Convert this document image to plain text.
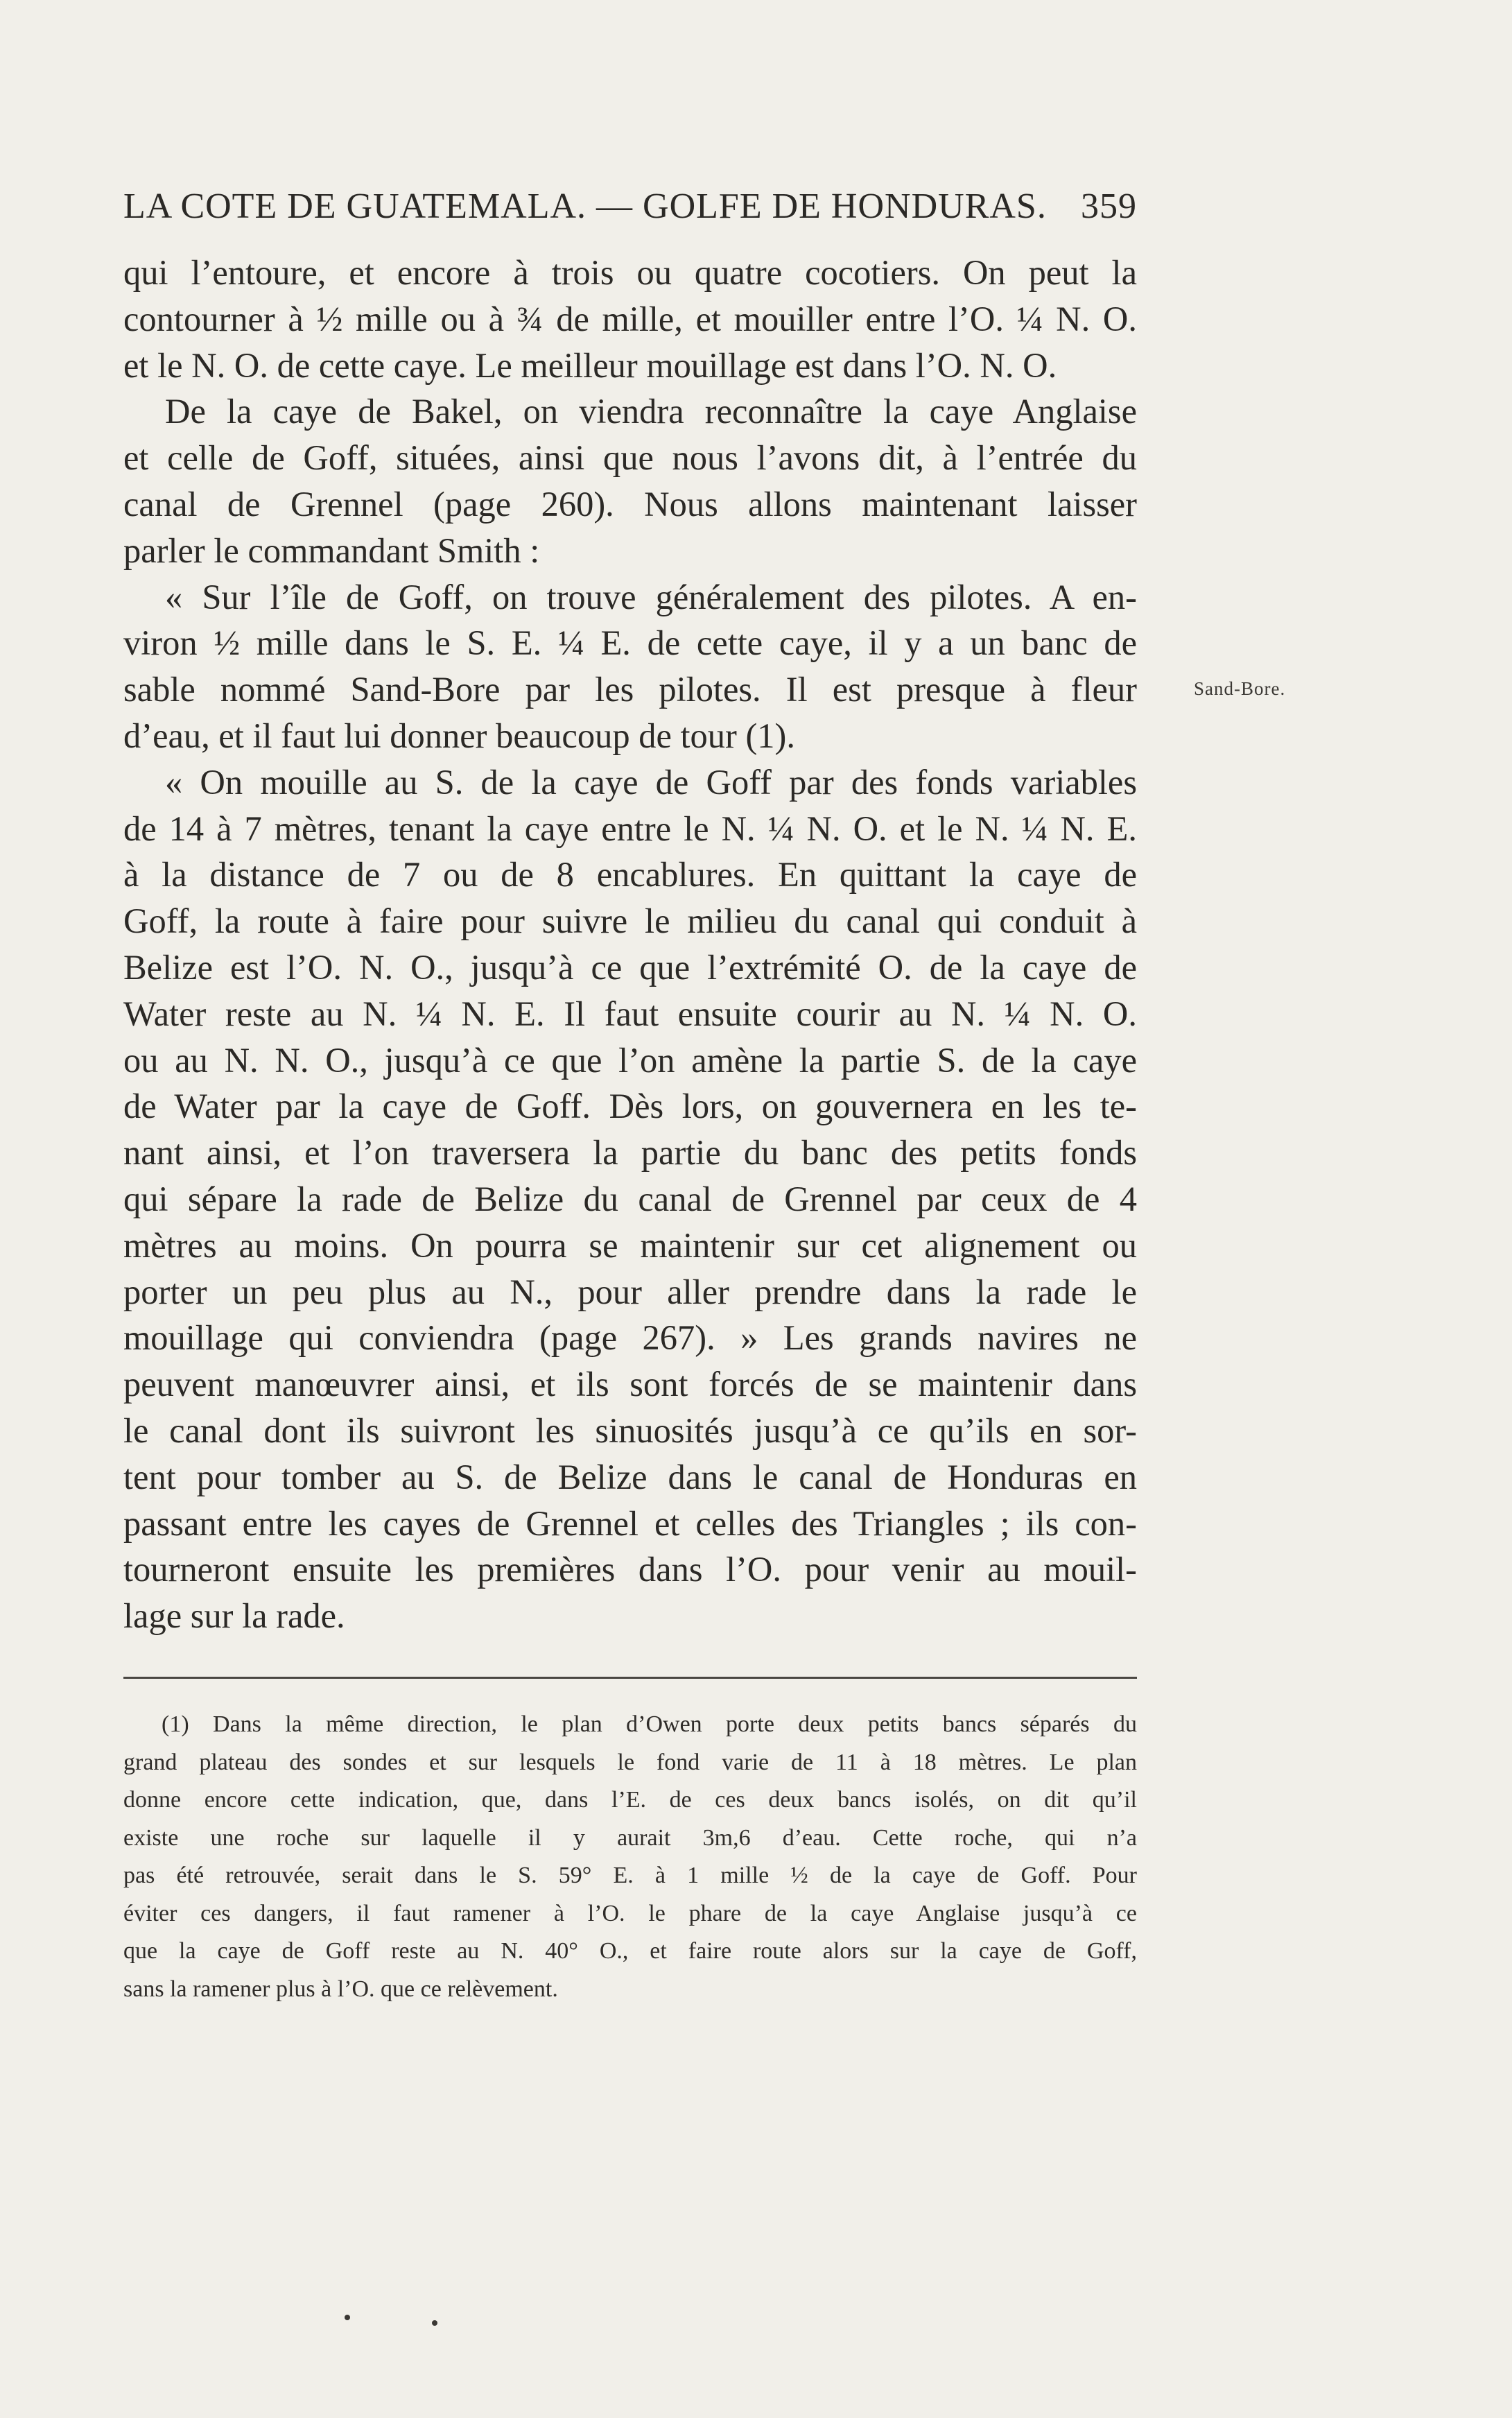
LA COTE DE GUATEMALA. — GOLFE DE HONDURAS. 359
qui l’entoure, et encore à trois ou quatre cocotiers. On peut la
contourner à ½ mille ou à ¾ de mille, et mouiller entre l’O. ¼ N. O.
et le N. O. de cette caye. Le meilleur mouillage est dans l’O. N. O.
De la caye de Bakel, on viendra reconnaître la caye Anglaise
et celle de Goff, situées, ainsi que nous l’avons dit, à l’entrée du
canal de Grennel (page 260). Nous allons maintenant laisser
parler le commandant Smith :
« Sur l’île de Goff, on trouve généralement des pilotes. A en-
viron ½ mille dans le S. E. ¼ E. de cette caye, il y a un banc de
sable nommé Sand-Bore par les pilotes. Il est presque à fleur
d’eau, et il faut lui donner beaucoup de tour (1).
« On mouille au S. de la caye de Goff par des fonds variables
de 14 à 7 mètres, tenant la caye entre le N. ¼ N. O. et le N. ¼ N. E.
à la distance de 7 ou de 8 encablures. En quittant la caye de
Goff, la route à faire pour suivre le milieu du canal qui conduit à
Belize est l’O. N. O., jusqu’à ce que l’extrémité O. de la caye de
Water reste au N. ¼ N. E. Il faut ensuite courir au N. ¼ N. O.
ou au N. N. O., jusqu’à ce que l’on amène la partie S. de la caye
de Water par la caye de Goff. Dès lors, on gouvernera en les te-
nant ainsi, et l’on traversera la partie du banc des petits fonds
qui sépare la rade de Belize du canal de Grennel par ceux de 4
mètres au moins. On pourra se maintenir sur cet alignement ou
porter un peu plus au N., pour aller prendre dans la rade le
mouillage qui conviendra (page 267). » Les grands navires ne
peuvent manœuvrer ainsi, et ils sont forcés de se maintenir dans
le canal dont ils suivront les sinuosités jusqu’à ce qu’ils en sor-
tent pour tomber au S. de Belize dans le canal de Honduras en
passant entre les cayes de Grennel et celles des Triangles ; ils con-
tourneront ensuite les premières dans l’O. pour venir au mouil-
lage sur la rade.
Sand-Bore.
(1) Dans la même direction, le plan d’Owen porte deux petits bancs séparés du
grand plateau des sondes et sur lesquels le fond varie de 11 à 18 mètres. Le plan
donne encore cette indication, que, dans l’E. de ces deux bancs isolés, on dit qu’il
existe une roche sur laquelle il y aurait 3m,6 d’eau. Cette roche, qui n’a
pas été retrouvée, serait dans le S. 59° E. à 1 mille ½ de la caye de Goff. Pour
éviter ces dangers, il faut ramener à l’O. le phare de la caye Anglaise jusqu’à ce
que la caye de Goff reste au N. 40° O., et faire route alors sur la caye de Goff,
sans la ramener plus à l’O. que ce relèvement.
